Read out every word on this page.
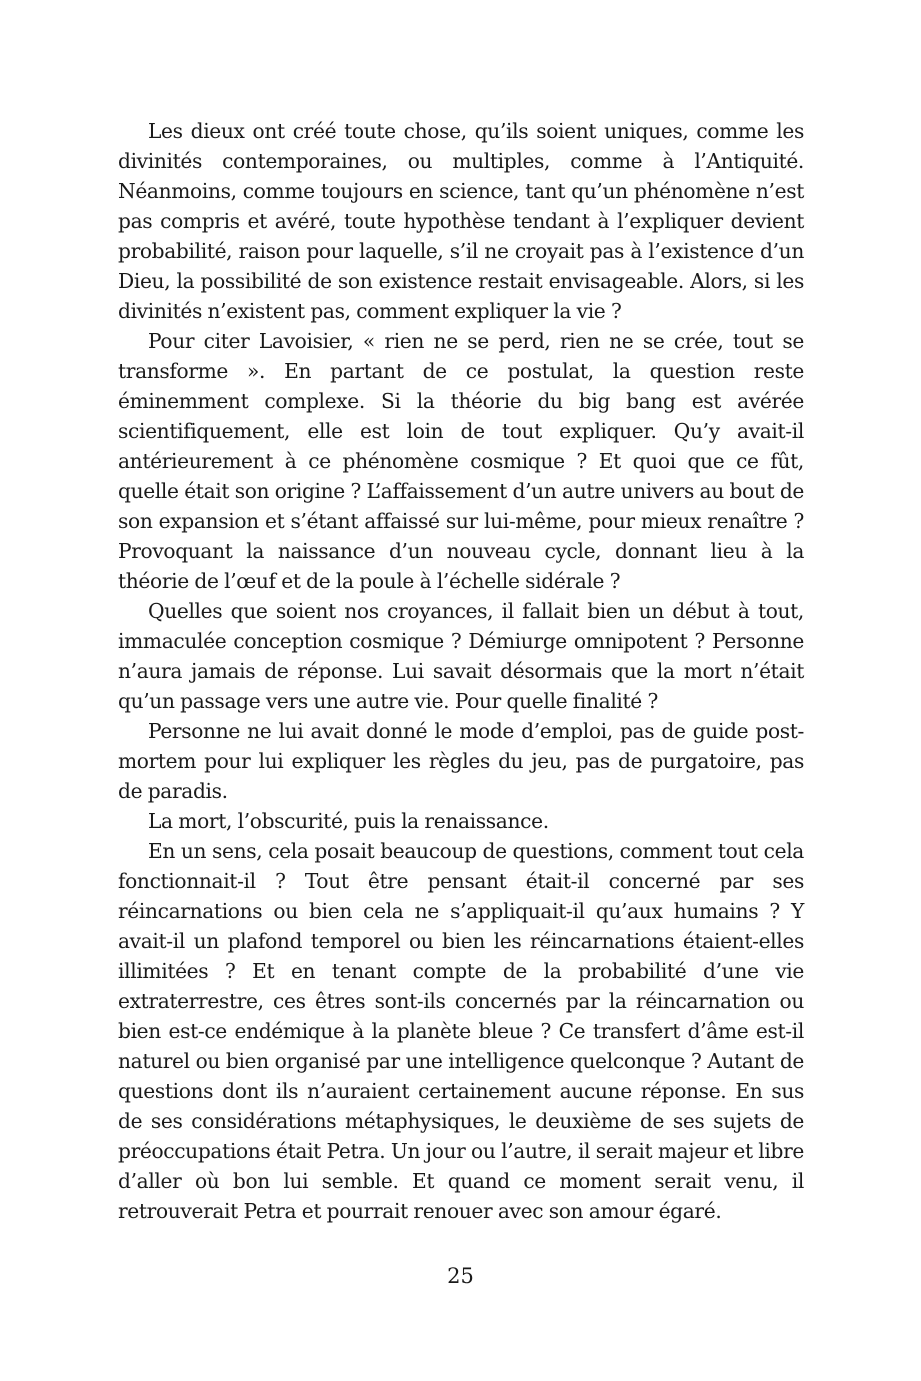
Les dieux ont créé toute chose, qu’ils soient uniques, comme les divinités contemporaines, ou multiples, comme à l’Antiquité. Néanmoins, comme toujours en science, tant qu’un phénomène n’est pas compris et avéré, toute hypothèse tendant à l’expliquer devient probabilité, raison pour laquelle, s’il ne croyait pas à l’existence d’un Dieu, la possibilité de son existence restait envisageable. Alors, si les divinités n’existent pas, comment expliquer la vie ?

Pour citer Lavoisier, « rien ne se perd, rien ne se crée, tout se transforme ». En partant de ce postulat, la question reste éminemment complexe. Si la théorie du big bang est avérée scientifiquement, elle est loin de tout expliquer. Qu’y avait-il antérieurement à ce phénomène cosmique ? Et quoi que ce fût, quelle était son origine ? L’affaissement d’un autre univers au bout de son expansion et s’étant affaissé sur lui-même, pour mieux renaître ? Provoquant la naissance d’un nouveau cycle, donnant lieu à la théorie de l’œuf et de la poule à l’échelle sidérale ?

Quelles que soient nos croyances, il fallait bien un début à tout, immaculée conception cosmique ? Démiurge omnipotent ? Personne n’aura jamais de réponse. Lui savait désormais que la mort n’était qu’un passage vers une autre vie. Pour quelle finalité ?

Personne ne lui avait donné le mode d’emploi, pas de guide post-mortem pour lui expliquer les règles du jeu, pas de purgatoire, pas de paradis.

La mort, l’obscurité, puis la renaissance.

En un sens, cela posait beaucoup de questions, comment tout cela fonctionnait-il ? Tout être pensant était-il concerné par ses réincarnations ou bien cela ne s’appliquait-il qu’aux humains ? Y avait-il un plafond temporel ou bien les réincarnations étaient-elles illimitées ? Et en tenant compte de la probabilité d’une vie extraterrestre, ces êtres sont-ils concernés par la réincarnation ou bien est-ce endémique à la planète bleue ? Ce transfert d’âme est-il naturel ou bien organisé par une intelligence quelconque ? Autant de questions dont ils n’auraient certainement aucune réponse. En sus de ses considérations métaphysiques, le deuxième de ses sujets de préoccupations était Petra. Un jour ou l’autre, il serait majeur et libre d’aller où bon lui semble. Et quand ce moment serait venu, il retrouverait Petra et pourrait renouer avec son amour égaré.

25
